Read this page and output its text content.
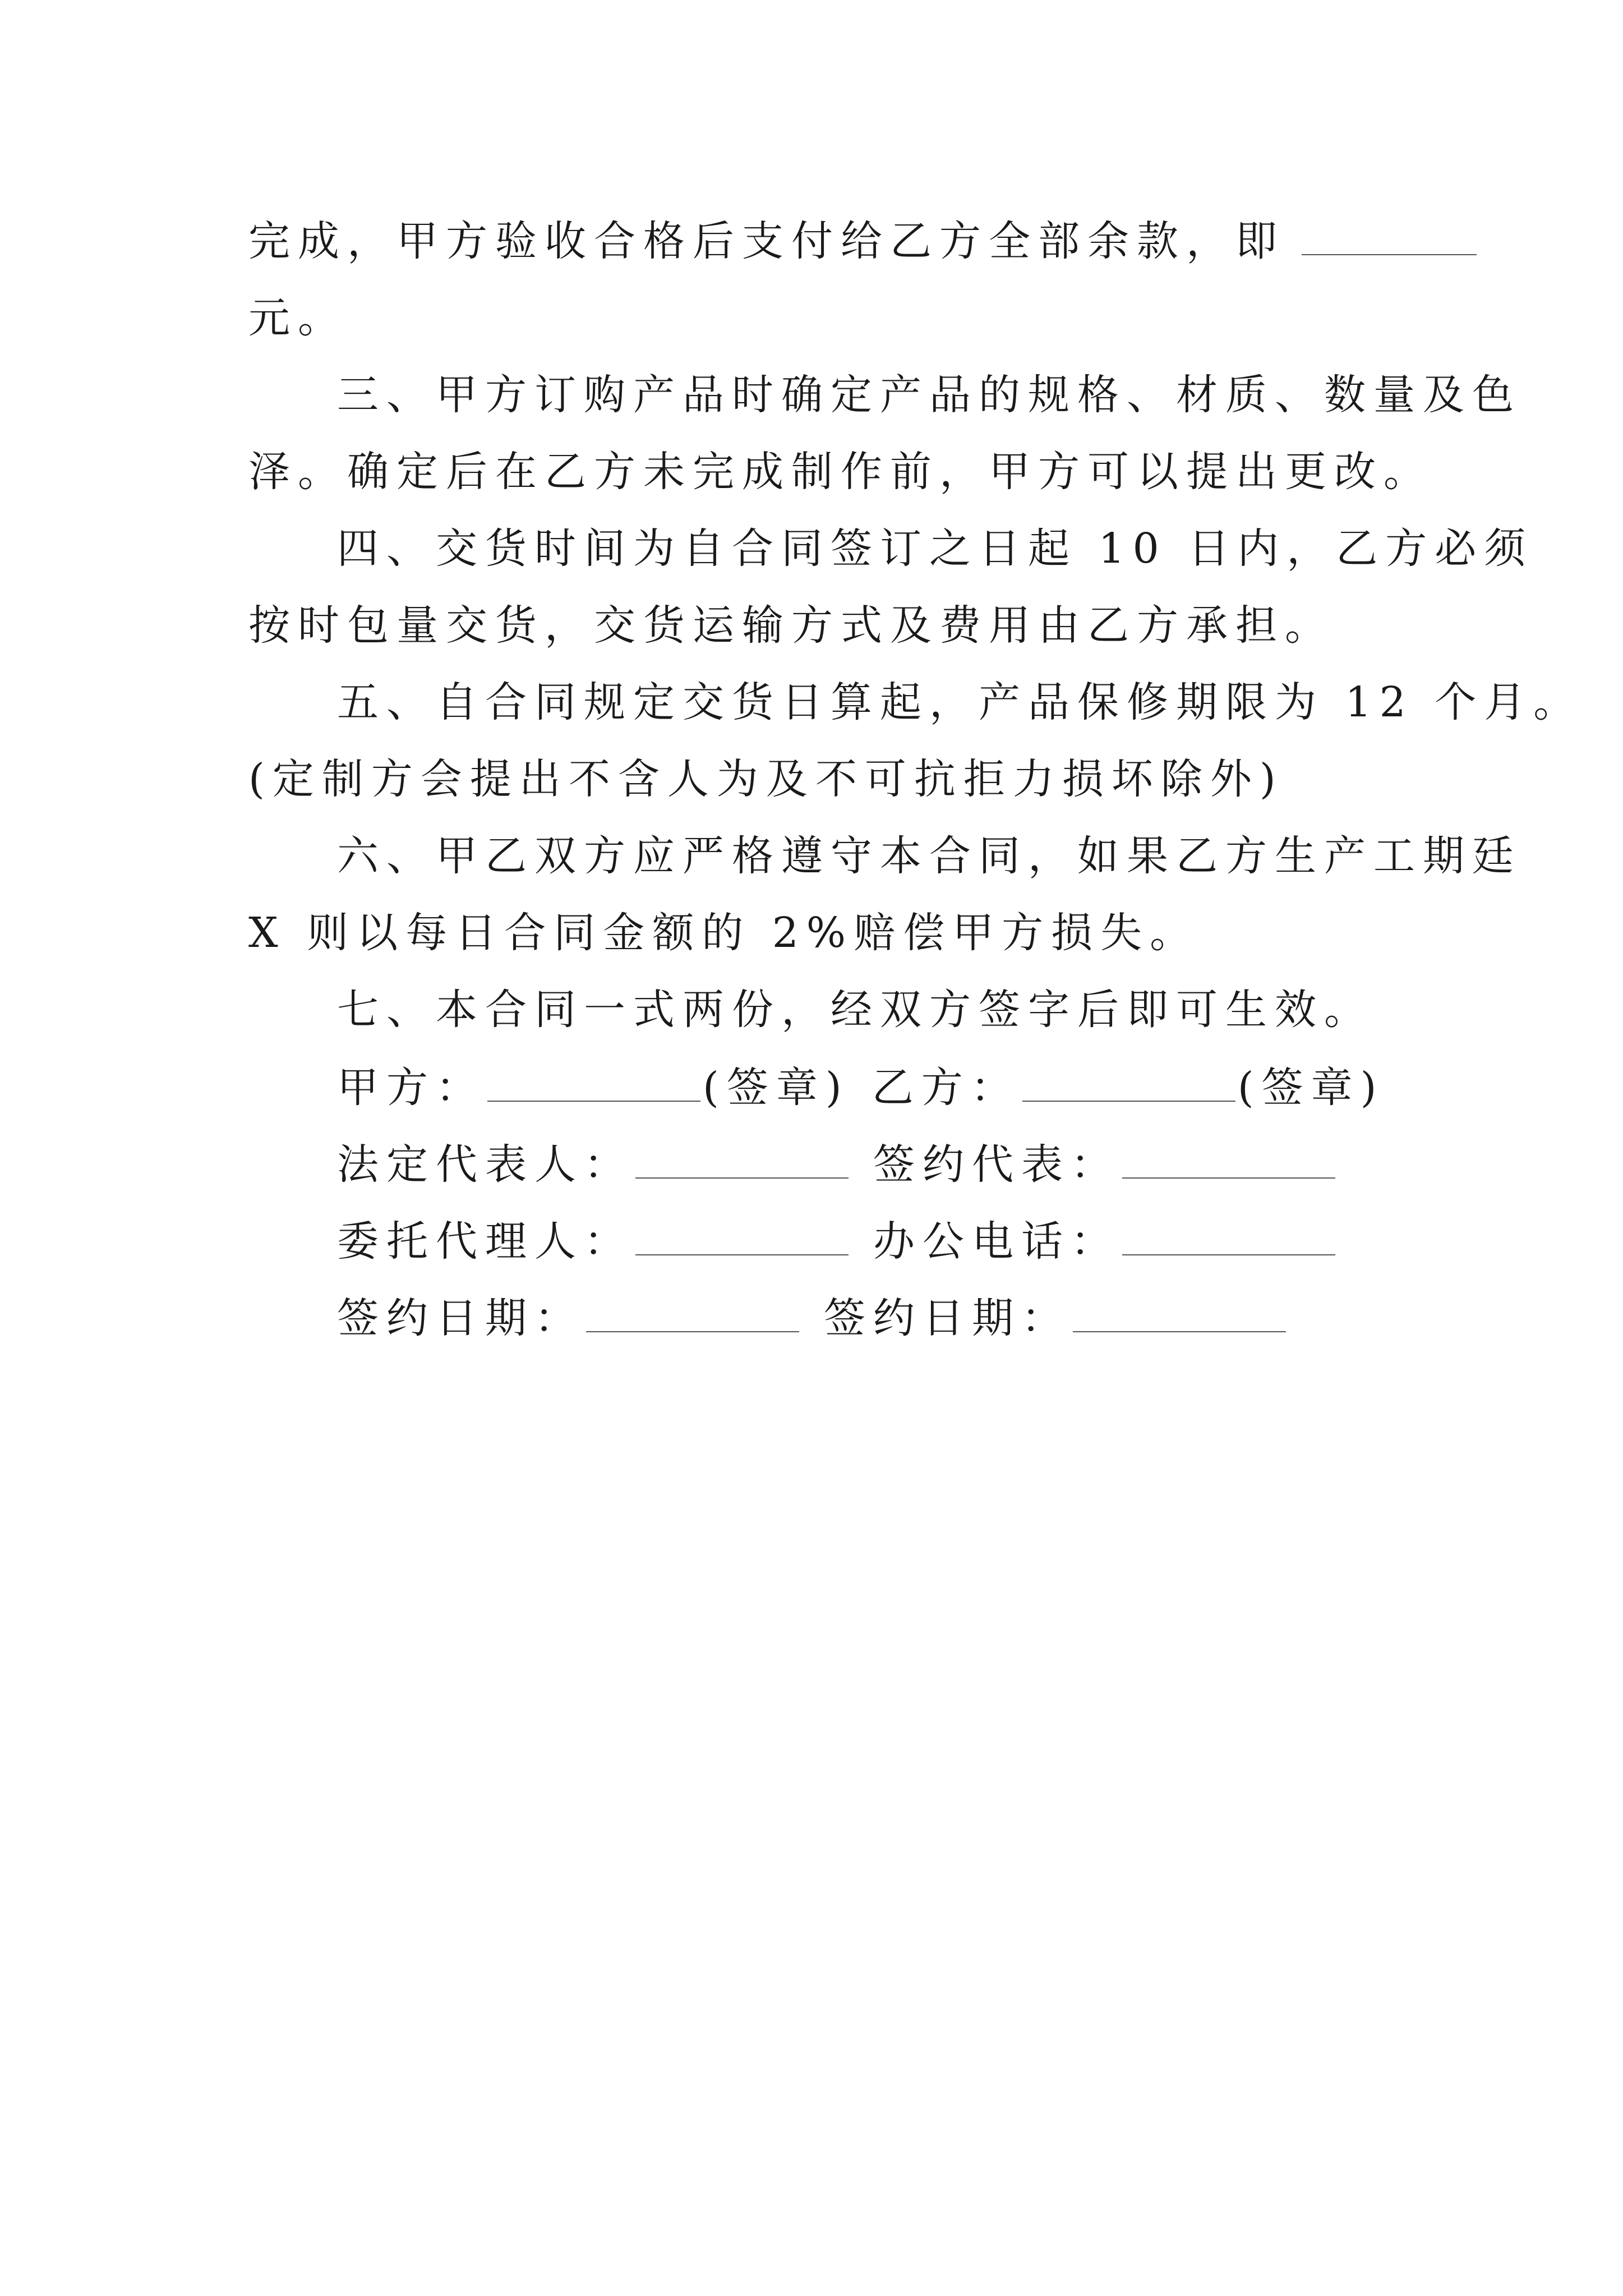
完成，甲方验收合格后支付给乙方全部余款，即

元。

三、甲方订购产品时确定产品的规格、材质、数量及色

泽。确定后在乙方未完成制作前，甲方可以提出更改。

四、交货时间为自合同签订之日起 10 日内，乙方必须

按时包量交货，交货运输方式及费用由乙方承担。

五、自合同规定交货日算起，产品保修期限为 12 个月。

(定制方会提出不含人为及不可抗拒力损坏除外)

六、甲乙双方应严格遵守本合同，如果乙方生产工期廷

X 则以每日合同金额的 2%赔偿甲方损失。

七、本合同一式两份，经双方签字后即可生效。

甲方：	(签章) 乙方：	(签章)
法定代表人：	签约代表：
委托代理人：	办公电话：
签约日期：	签约日期：
